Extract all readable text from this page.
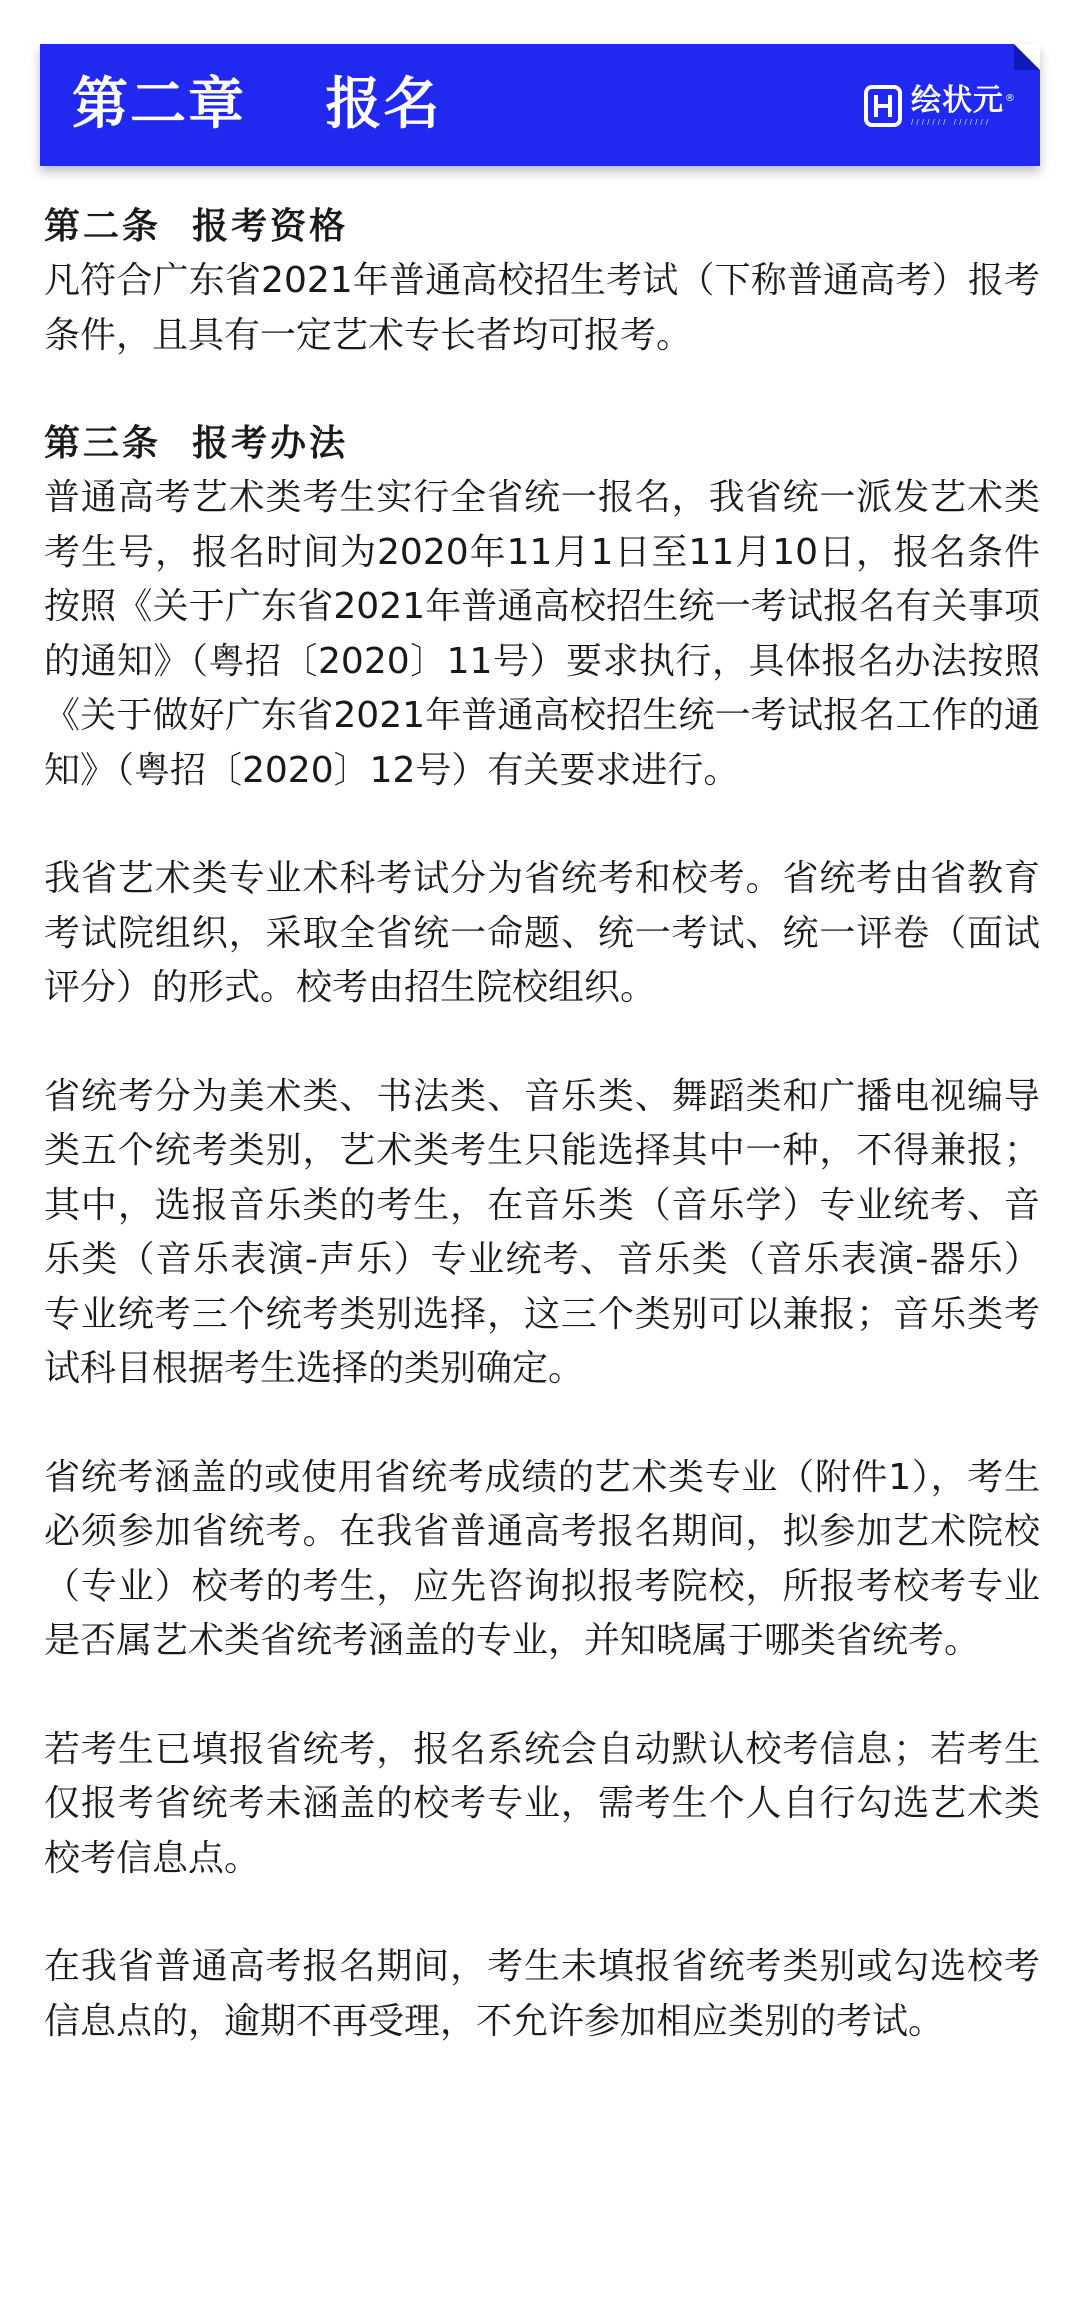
第二章　 报名	绘状元 ®
/////// ///////

第二条  报考资格

凡符合广东省2021年普通高校招生考试（下称普通高考）报考条件，且具有一定艺术专长者均可报考。

第三条  报考办法

普通高考艺术类考生实行全省统一报名，我省统一派发艺术类考生号，报名时间为2020年11月1日至11月10日，报名条件按照《关于广东省2021年普通高校招生统一考试报名有关事项的通知》（粤招〔2020〕11号）要求执行，具体报名办法按照《关于做好广东省2021年普通高校招生统一考试报名工作的通知》（粤招〔2020〕12号）有关要求进行。

我省艺术类专业术科考试分为省统考和校考。省统考由省教育考试院组织，采取全省统一命题、统一考试、统一评卷（面试评分）的形式。校考由招生院校组织。

省统考分为美术类、书法类、音乐类、舞蹈类和广播电视编导类五个统考类别，艺术类考生只能选择其中一种，不得兼报；其中，选报音乐类的考生，在音乐类（音乐学）专业统考、音乐类（音乐表演-声乐）专业统考、音乐类（音乐表演-器乐）专业统考三个统考类别选择，这三个类别可以兼报；音乐类考试科目根据考生选择的类别确定。

省统考涵盖的或使用省统考成绩的艺术类专业（附件1），考生必须参加省统考。在我省普通高考报名期间，拟参加艺术院校（专业）校考的考生，应先咨询拟报考院校，所报考校考专业是否属艺术类省统考涵盖的专业，并知晓属于哪类省统考。

若考生已填报省统考，报名系统会自动默认校考信息；若考生仅报考省统考未涵盖的校考专业，需考生个人自行勾选艺术类校考信息点。

在我省普通高考报名期间，考生未填报省统考类别或勾选校考信息点的，逾期不再受理，不允许参加相应类别的考试。
